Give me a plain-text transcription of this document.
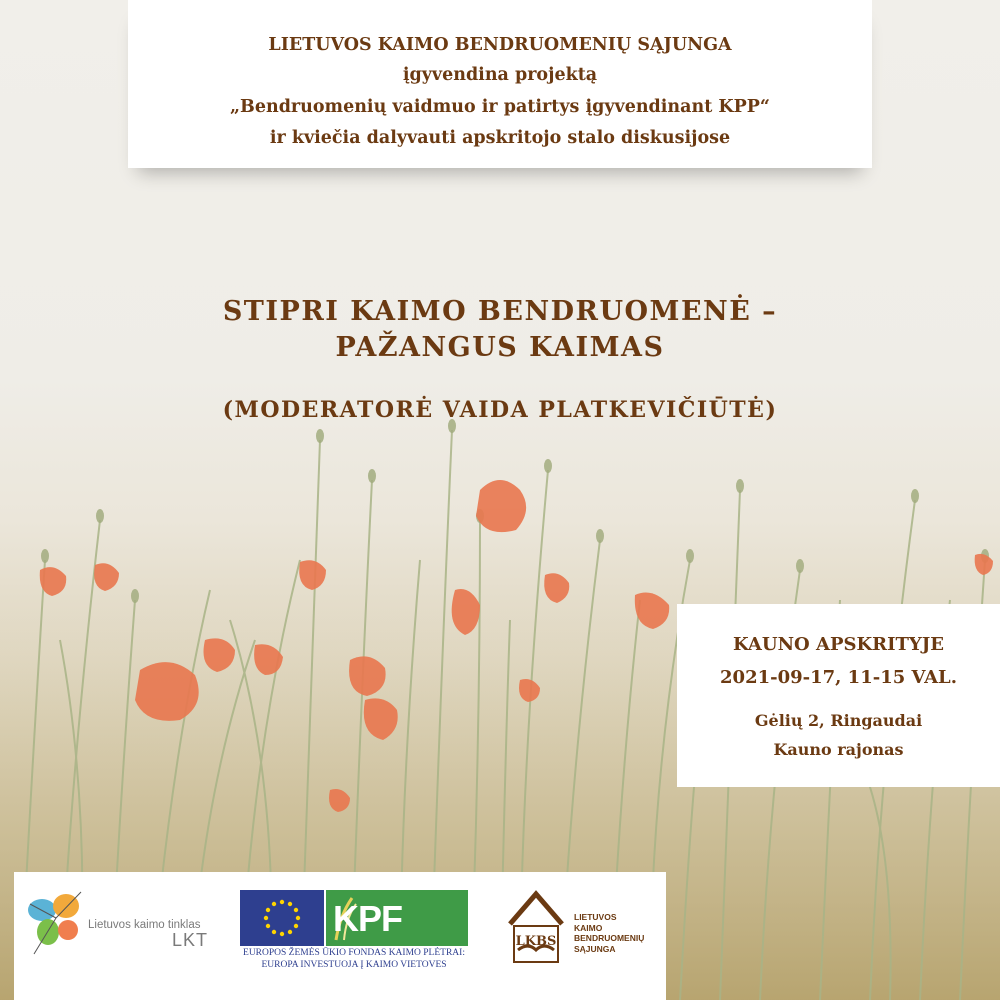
LIETUVOS KAIMO BENDRUOMENIŲ SĄJUNGA
įgyvendina projektą
„Bendruomenių vaidmuo ir patirtys įgyvendinant KPP“
ir kviečia dalyvauti apskritojo stalo diskusijose
STIPRI KAIMO BENDRUOMENĖ –
PAŽANGUS KAIMAS
(MODERATORĖ VAIDA PLATKEVIČIŪTĖ)
KAUNO APSKRITYJE
2021-09-17, 11-15 VAL.
Gėlių 2, Ringaudai
Kauno rajonas
Lietuvos kaimo tinklas
LKT
KPF
EUROPOS ŽEMĖS ŪKIO FONDAS KAIMO PLĖTRAI:
EUROPA INVESTUOJA Į KAIMO VIETOVES
LKBS
LIETUVOS
KAIMO
BENDRUOMENIŲ
SĄJUNGA
